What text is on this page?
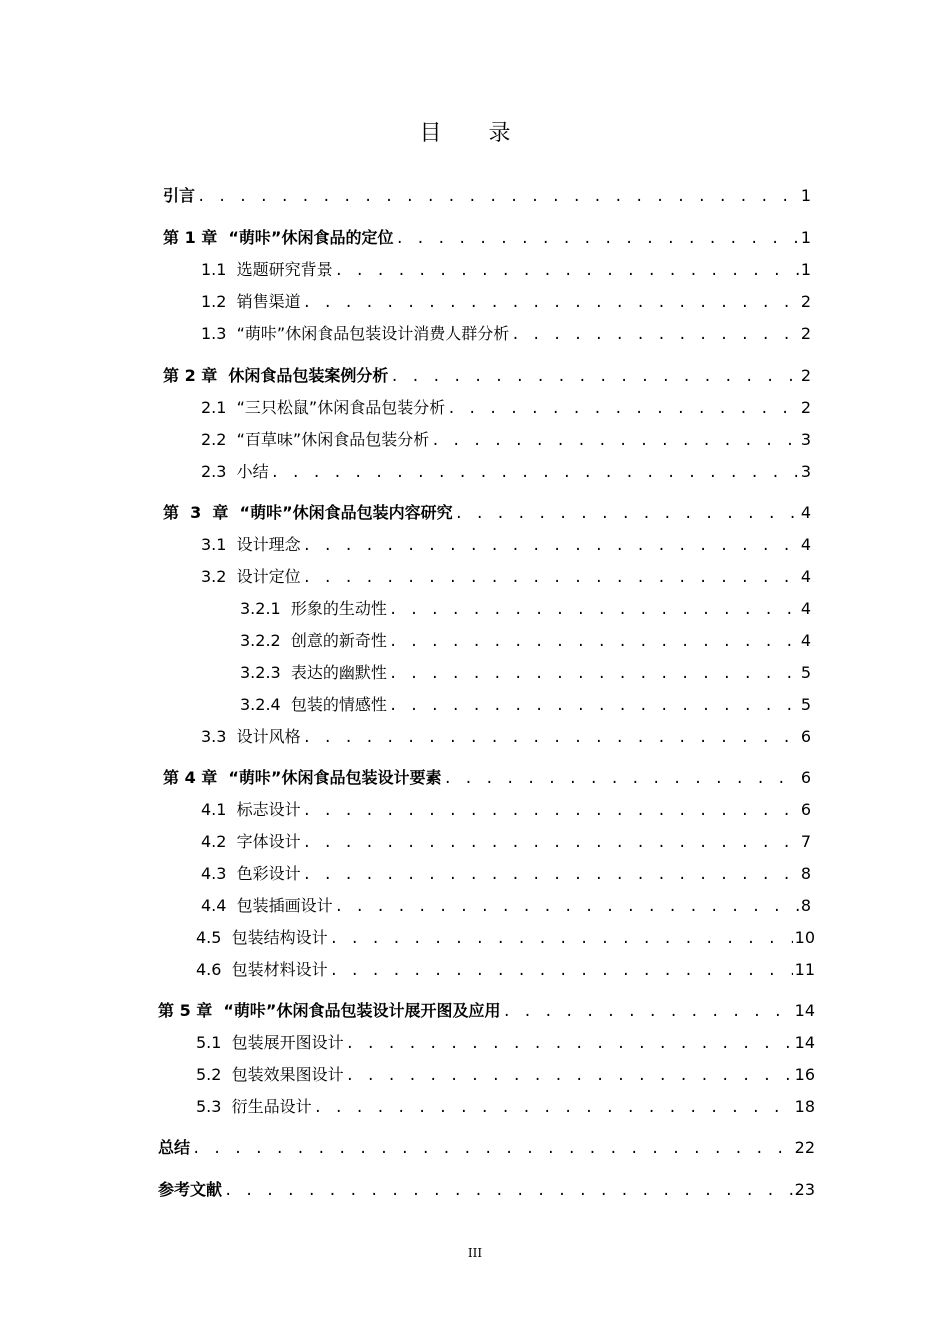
目 录
引言 . . .	1
第 1 章  “萌咔”休闲食品的定位 . . .	1
1.1  选题研究背景 . . .	1
1.2  销售渠道 . . .	2
1.3  “萌咔”休闲食品包装设计消费人群分析 . . .	2
第 2 章  休闲食品包装案例分析 . . .	2
2.1  “三只松鼠”休闲食品包装分析 . . .	2
2.2  “百草味”休闲食品包装分析 . . .	3
2.3  小结 . . .	3
第  3  章  “萌咔”休闲食品包装内容研究 . . .	4
3.1  设计理念 . . .	4
3.2  设计定位 . . .	4
3.2.1  形象的生动性 . . .	4
3.2.2  创意的新奇性 . . .	4
3.2.3  表达的幽默性 . . .	5
3.2.4  包装的情感性 . . .	5
3.3  设计风格 . . .	6
第 4 章  “萌咔”休闲食品包装设计要素 . . .	6
4.1  标志设计 . . .	6
4.2  字体设计 . . .	7
4.3  色彩设计 . . .	8
4.4  包装插画设计 . . .	8
4.5  包装结构设计 . . .	10
4.6  包装材料设计 . . .	11
第 5 章  “萌咔”休闲食品包装设计展开图及应用 . . .	14
5.1  包装展开图设计 . . .	14
5.2  包装效果图设计 . . .	16
5.3  衍生品设计 . . .	18
总结 . . .	22
参考文献 . . .	23
III
